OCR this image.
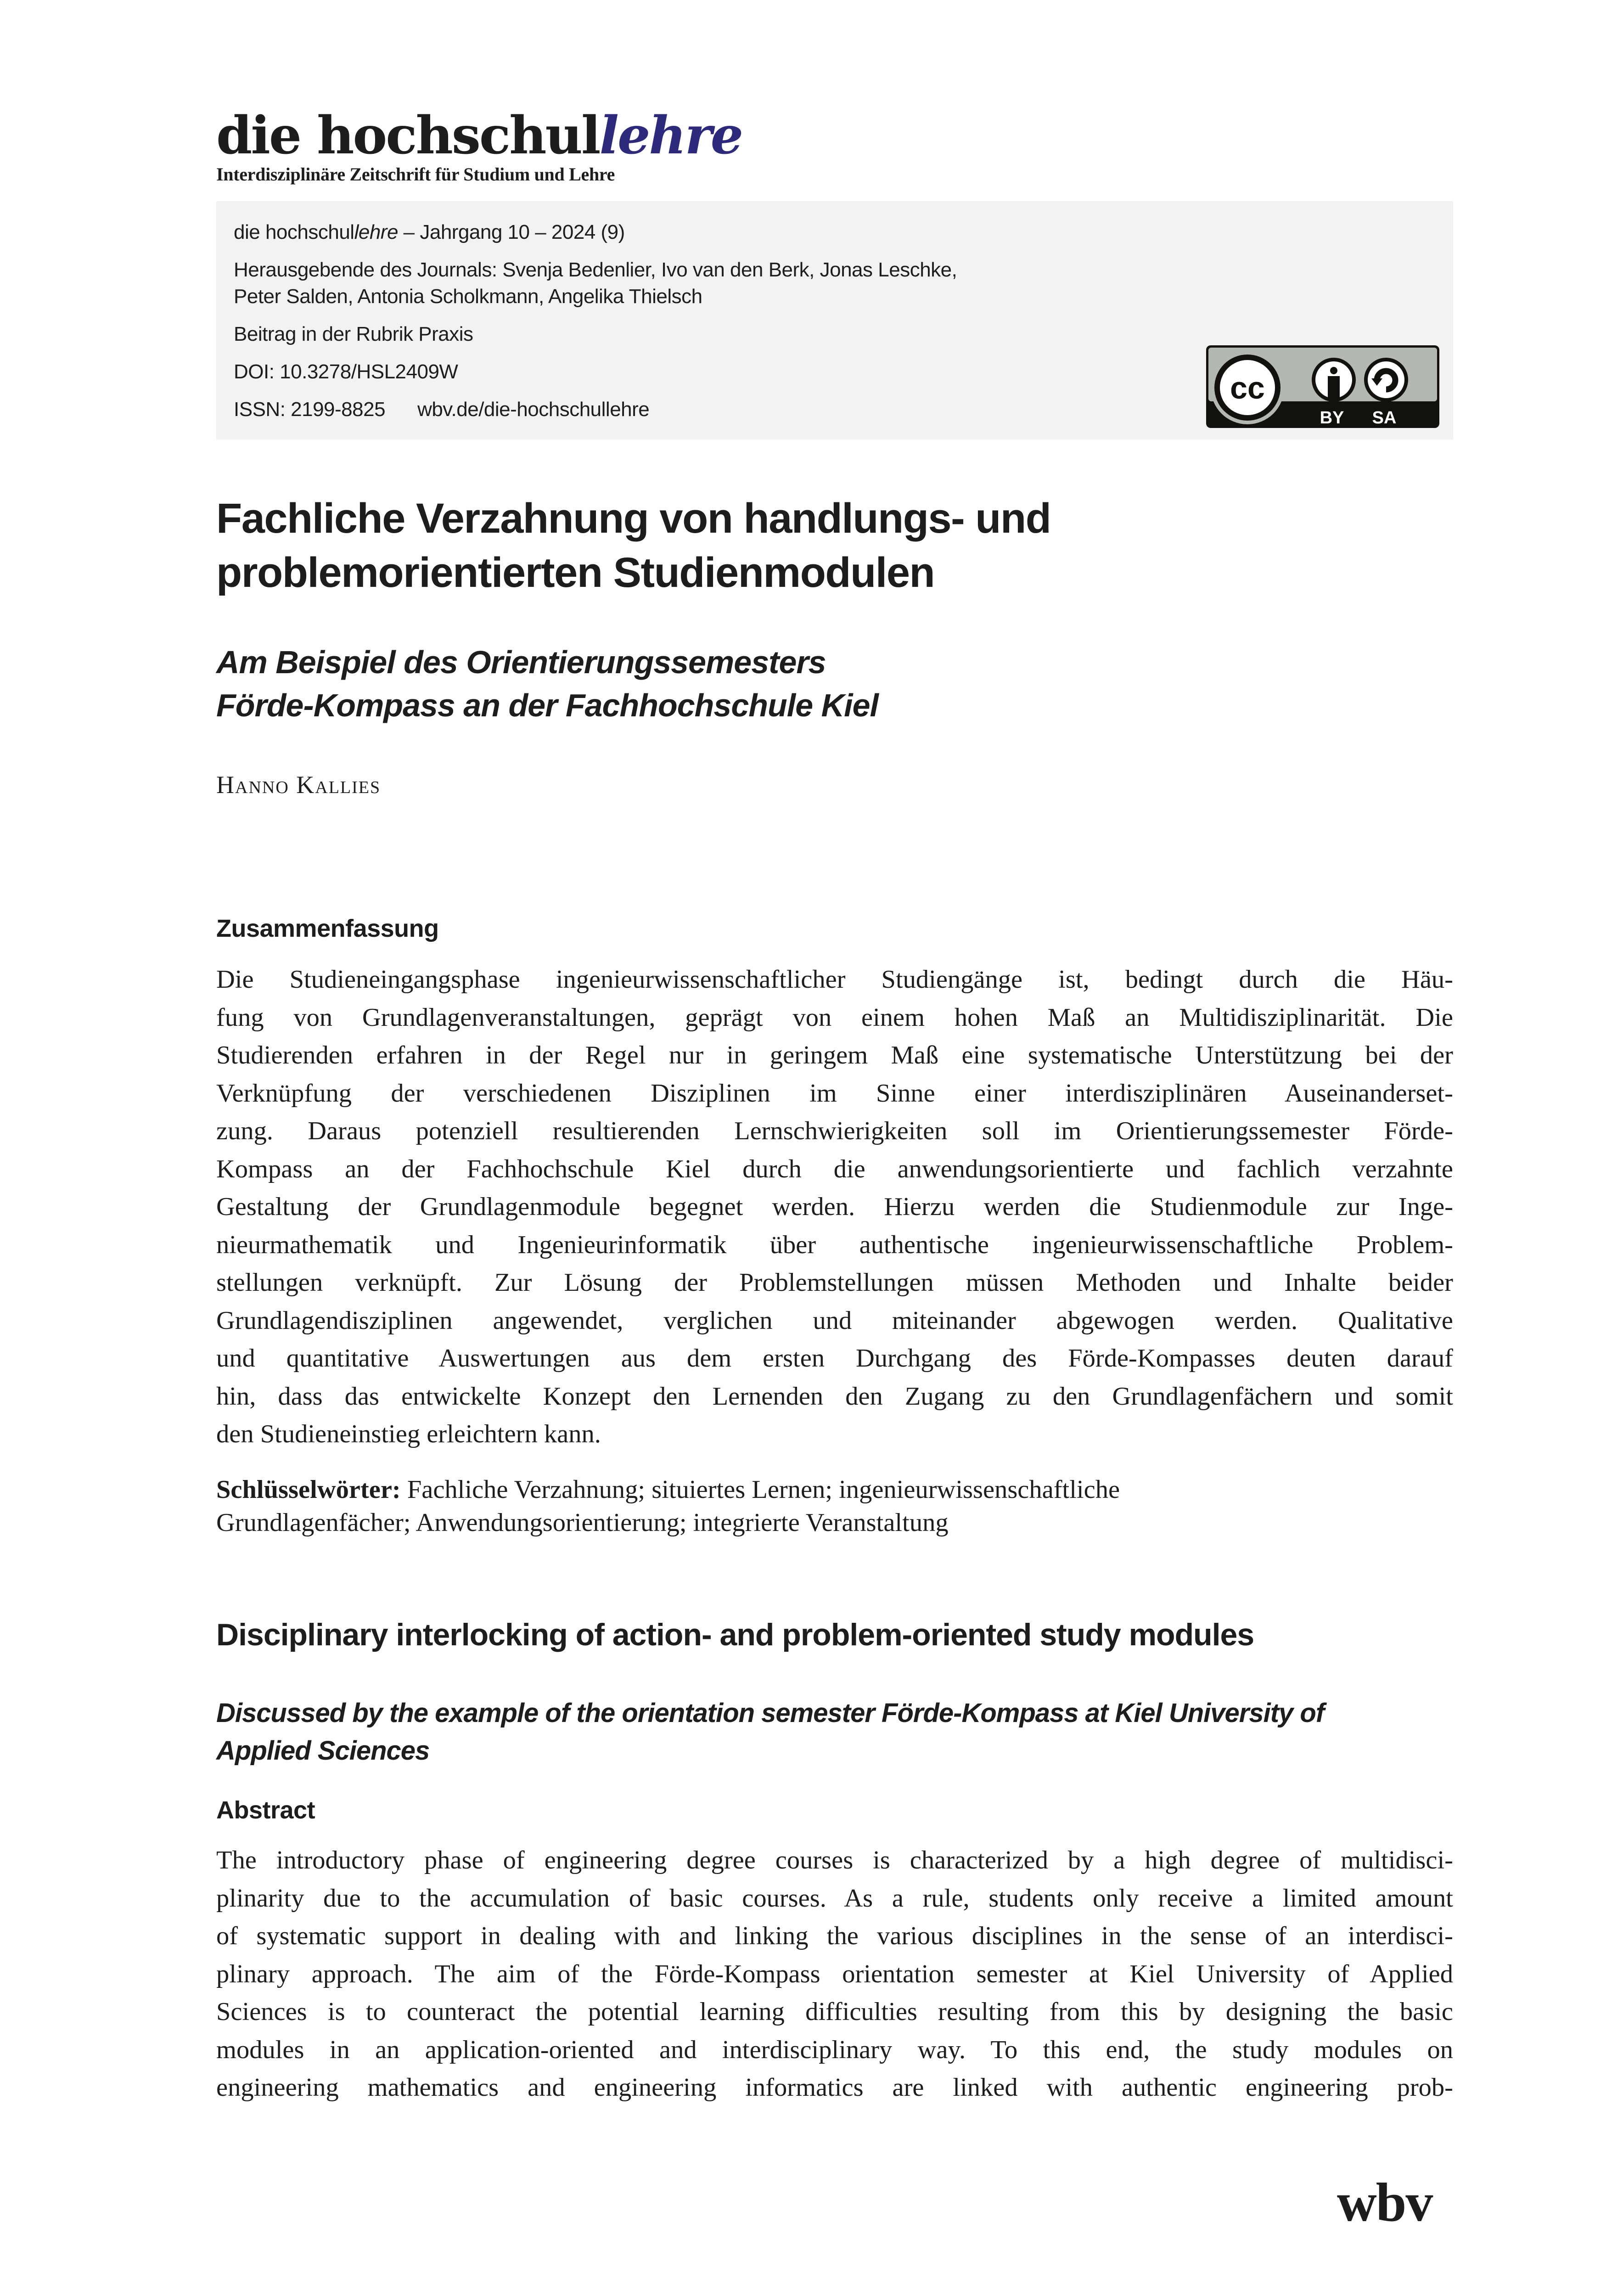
die hochschullehre
Interdisziplinäre Zeitschrift für Studium und Lehre
die hochschullehre – Jahrgang 10 – 2024 (9)
Herausgebende des Journals: Svenja Bedenlier, Ivo van den Berk, Jonas Leschke,
Peter Salden, Antonia Scholkmann, Angelika Thielsch
Beitrag in der Rubrik Praxis
DOI: 10.3278/HSL2409W
ISSN: 2199-8825 wbv.de/die-hochschullehre
cc
BY SA
Fachliche Verzahnung von handlungs- und
problemorientierten Studienmodulen
Am Beispiel des Orientierungssemesters
Förde-Kompass an der Fachhochschule Kiel
Hanno Kallies
Zusammenfassung
Die Studieneingangsphase ingenieurwissenschaftlicher Studiengänge ist, bedingt durch die Häu-
fung von Grundlagenveranstaltungen, geprägt von einem hohen Maß an Multidisziplinarität. Die
Studierenden erfahren in der Regel nur in geringem Maß eine systematische Unterstützung bei der
Verknüpfung der verschiedenen Disziplinen im Sinne einer interdisziplinären Auseinanderset-
zung. Daraus potenziell resultierenden Lernschwierigkeiten soll im Orientierungssemester Förde-
Kompass an der Fachhochschule Kiel durch die anwendungsorientierte und fachlich verzahnte
Gestaltung der Grundlagenmodule begegnet werden. Hierzu werden die Studienmodule zur Inge-
nieurmathematik und Ingenieurinformatik über authentische ingenieurwissenschaftliche Problem-
stellungen verknüpft. Zur Lösung der Problemstellungen müssen Methoden und Inhalte beider
Grundlagendisziplinen angewendet, verglichen und miteinander abgewogen werden. Qualitative
und quantitative Auswertungen aus dem ersten Durchgang des Förde-Kompasses deuten darauf
hin, dass das entwickelte Konzept den Lernenden den Zugang zu den Grundlagenfächern und somit
den Studieneinstieg erleichtern kann.
Schlüsselwörter: Fachliche Verzahnung; situiertes Lernen; ingenieurwissenschaftliche
Grundlagenfächer; Anwendungsorientierung; integrierte Veranstaltung
Disciplinary interlocking of action- and problem-oriented study modules
Discussed by the example of the orientation semester Förde-Kompass at Kiel University of
Applied Sciences
Abstract
The introductory phase of engineering degree courses is characterized by a high degree of multidisci-
plinarity due to the accumulation of basic courses. As a rule, students only receive a limited amount
of systematic support in dealing with and linking the various disciplines in the sense of an interdisci-
plinary approach. The aim of the Förde-Kompass orientation semester at Kiel University of Applied
Sciences is to counteract the potential learning difficulties resulting from this by designing the basic
modules in an application-oriented and interdisciplinary way. To this end, the study modules on
engineering mathematics and engineering informatics are linked with authentic engineering prob-
wbv
